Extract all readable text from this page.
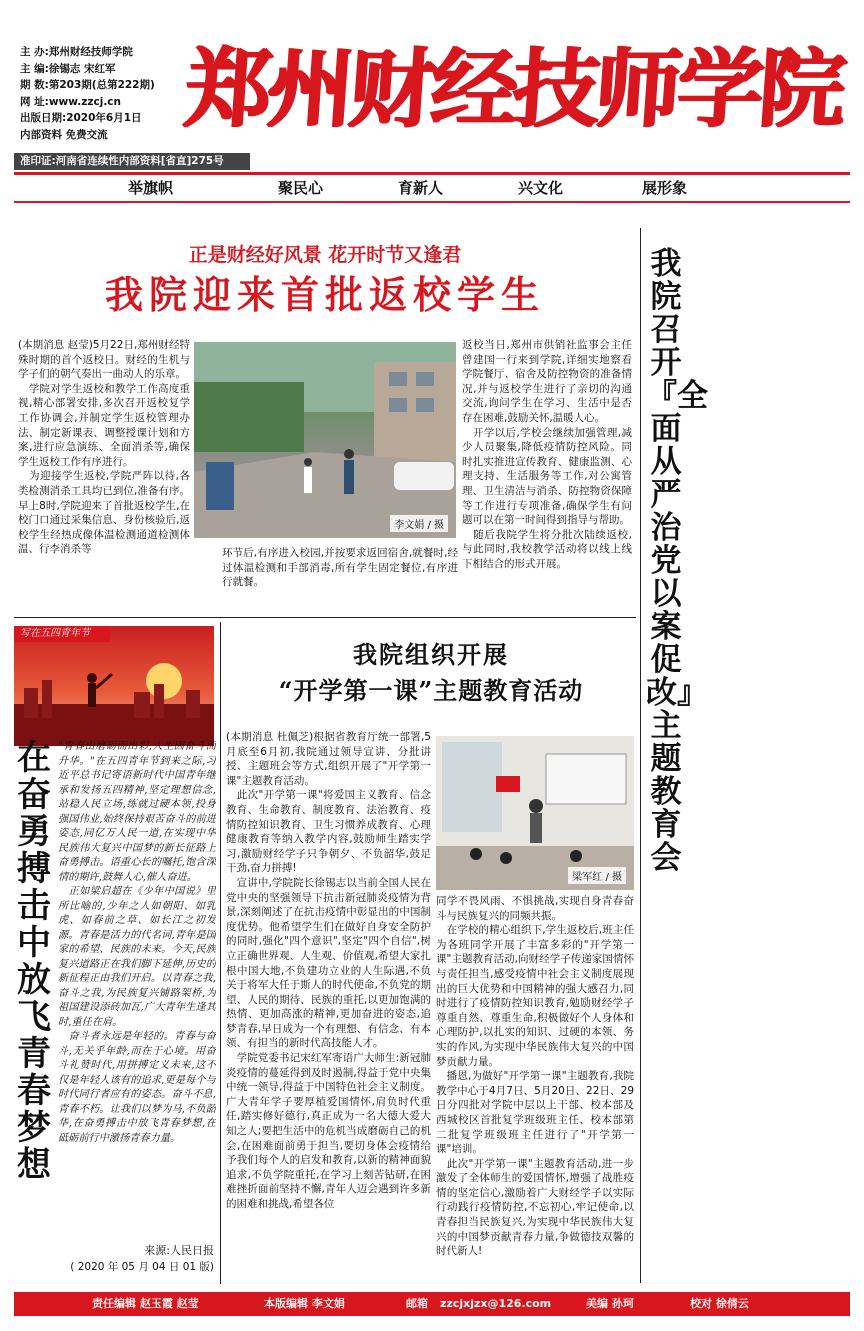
主 办:郑州财经技师学院
主 编:徐锡志 宋红军
期 数:第203期(总第222期)
网 址:www.zzcj.cn
出版日期:2020年6月1日
内部资料 免费交流
准印证:河南省连续性内部资料[省直]275号
郑州财经技师学院
举旗帜	聚民心	育新人	兴文化	展形象
正是财经好风景 花开时节又逢君
我院迎来首批返校学生
(本期消息 赵莹)5月22日,郑州财经特殊时期的首个返校日。财经的生机与学子们的朝气奏出一曲动人的乐章。
　学院对学生返校和教学工作高度重视,精心部署安排,多次召开返校复学工作协调会,并制定学生返校管理办法、制定新课表、调整授课计划和方案,进行应急演练、全面消杀等,确保学生返校工作有序进行。
　为迎接学生返校,学院严阵以待,各类检测消杀工具均已到位,准备有序。早上8时,学院迎来了首批返校学生,在校门口通过采集信息、身份核验后,返校学生经热成像体温检测通道检测体温、行李消杀等
李文娟 / 摄
环节后,有序进入校园,并按要求返回宿舍,就餐时,经过体温检测和手部消毒,所有学生固定餐位,有序进行就餐。
返校当日,郑州市供销社监事会主任曾建国一行来到学院,详细实地察看学院餐厅、宿舍及防控物资的准备情况,并与返校学生进行了亲切的沟通交流,询问学生在学习、生活中是否存在困难,鼓励关怀,温暖人心。
　开学以后,学校会继续加强管理,减少人员聚集,降低疫情防控风险。同时扎实推进宣传教育、健康监测、心理支持、生活服务等工作,对公寓管理、卫生清洁与消杀、防控物资保障等工作进行专项准备,确保学生有问题可以在第一时间得到指导与帮助。
　随后我院学生将分批次陆续返校,与此同时,我校教学活动将以线上线下相结合的形式开展。
我院召开『全面从严治党 以案促改』主题教育会
写在五四青年节
在奋勇搏击中放飞青春梦想
"青春由磨砺而出彩,人生因奋斗而升华。"在五四青年节到来之际,习近平总书记寄语新时代中国青年继承和发扬五四精神,坚定理想信念,站稳人民立场,练就过硬本领,投身强国伟业,始终保持艰苦奋斗的前进姿态,同亿万人民一道,在实现中华民族伟大复兴中国梦的新长征路上奋勇搏击。语重心长的嘱托,饱含深情的期许,鼓舞人心,催人奋进。
　正如梁启超在《少年中国说》里所比喻的,少年之人如朝阳、如乳虎、如春前之草、如长江之初发源。青春是活力的代名词,青年是国家的希望、民族的未来。今天,民族复兴道路正在我们脚下延伸,历史的新征程正由我们开启。以青春之我,奋斗之我,为民族复兴铺路架桥,为祖国建设添砖加瓦,广大青年生逢其时,重任在肩。
　奋斗者永远是年轻的。青春与奋斗,无关乎年龄,而在于心境。用奋斗礼赞时代,用拼搏定义未来,这不仅是年轻人该有的追求,更是每个与时代同行者应有的姿态。奋斗不息,青春不朽。让我们以梦为马,不负韶华,在奋勇搏击中放飞青春梦想,在砥砺前行中激扬青春力量。
来源:人民日报
( 2020 年 05 月 04 日 01 版)
我院组织开展
“开学第一课”主题教育活动
(本期消息 杜佩芝)根据省教育厅统一部署,5月底至6月初,我院通过领导宣讲、分批讲授、主题班会等方式,组织开展了"开学第一课"主题教育活动。
　此次"开学第一课"将爱国主义教育、信念教育、生命教育、制度教育、法治教育、疫情防控知识教育、卫生习惯养成教育、心理健康教育等纳入教学内容,鼓励师生踏实学习,激励财经学子只争朝夕、不负韶华,鼓足干劲,奋力拼搏!
　宣讲中,学院院长徐锡志以当前全国人民在党中央的坚强领导下抗击新冠肺炎疫情为背景,深刻阐述了在抗击疫情中彰显出的中国制度优势。他希望学生们在做好自身安全防护的同时,强化"四个意识",坚定"四个自信",树立正确世界观、人生观、价值观,希望大家扎根中国大地,不负建功立业的人生际遇,不负关于将军大任于斯人的时代使命,不负党的期望、人民的期待、民族的重托,以更加饱满的热情、更加高涨的精神,更加奋进的姿态,追梦青春,早日成为一个有理想、有信念、有本领、有担当的新时代高技能人才。
　学院党委书记宋红军寄语广大师生:新冠肺炎疫情的蔓延得到及时遏制,得益于党中央集中统一领导,得益于中国特色社会主义制度。广大青年学子要厚植爱国情怀,肩负时代重任,踏实修好德行,真正成为一名大德大爱大知之人;要把生活中的危机当成磨砺自己的机会,在困难面前勇于担当,要切身体会疫情给予我们每个人的启发和教育,以新的精神面貌追求,不负学院重托,在学习上刻苦钻研,在困难挫折面前坚持不懈,青年人迈会遇到许多新的困难和挑战,希望各位
梁军红 / 摄
同学不畏风雨、不惧挑战,实现自身青春奋斗与民族复兴的同频共振。
　在学校的精心组织下,学生返校后,班主任为各班同学开展了丰富多彩的"开学第一课"主题教育活动,向财经学子传递家国情怀与责任担当,感受疫情中社会主义制度展现出的巨大优势和中国精神的强大感召力,同时进行了疫情防控知识教育,勉励财经学子尊重自然、尊重生命,积极做好个人身体和心理防护,以扎实的知识、过硬的本领、务实的作风,为实现中华民族伟大复兴的中国梦贡献力量。
　播恩,为做好"开学第一课"主题教育,我院教学中心于4月7日、5月20日、22日、29日分四批对学院中层以上干部、校本部及西城校区首批复学班级班主任、校本部第二批复学班级班主任进行了"开学第一课"培训。
　此次"开学第一课"主题教育活动,进一步激发了全体师生的爱国情怀,增强了战胜疫情的坚定信心,激励着广大财经学子以实际行动践行疫情防控,不忘初心,牢记使命,以青春担当民族复兴,为实现中华民族伟大复兴的中国梦贡献青春力量,争做德技双馨的时代新人!
责任编辑 赵玉霞 赵莹	本版编辑 李文娟	邮箱 zzcjxjzx@126.com	美编 孙珂	校对 徐倩云
